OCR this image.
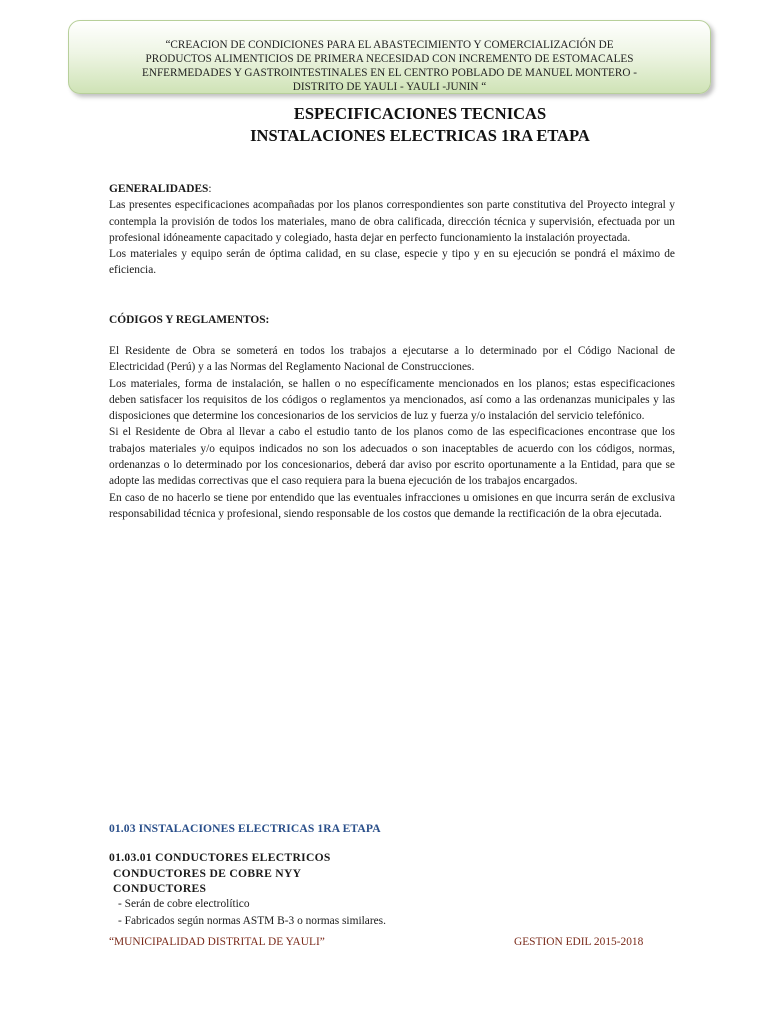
“CREACION DE CONDICIONES PARA EL ABASTECIMIENTO Y COMERCIALIZACIÓN DE
PRODUCTOS ALIMENTICIOS DE PRIMERA NECESIDAD CON INCREMENTO DE ESTOMACALES
ENFERMEDADES Y GASTROINTESTINALES EN EL CENTRO POBLADO DE MANUEL MONTERO -
DISTRITO DE YAULI - YAULI -JUNIN “
ESPECIFICACIONES TECNICAS
INSTALACIONES ELECTRICAS 1RA ETAPA
GENERALIDADES:

Las presentes especificaciones acompañadas por los planos correspondientes son parte constitutiva del Proyecto integral y contempla la provisión de todos los materiales, mano de obra calificada, dirección técnica y supervisión, efectuada por un profesional idóneamente capacitado y colegiado, hasta dejar en perfecto funcionamiento la instalación proyectada.

Los materiales y equipo serán de óptima calidad, en su clase, especie y tipo y en su ejecución se pondrá el máximo de eficiencia.

CÓDIGOS Y REGLAMENTOS:

El Residente de Obra se someterá en todos los trabajos a ejecutarse a lo determinado por el Código Nacional de Electricidad (Perú) y a las Normas del Reglamento Nacional de Construcciones.

Los materiales, forma de instalación, se hallen o no específicamente mencionados en los planos; estas especificaciones deben satisfacer los requisitos de los códigos o reglamentos ya mencionados, así como a las ordenanzas municipales y las disposiciones que determine los concesionarios de los servicios de luz y fuerza y/o instalación del servicio telefónico.

Si el Residente de Obra al llevar a cabo el estudio tanto de los planos como de las especificaciones encontrase que los trabajos materiales y/o equipos indicados no son los adecuados o son inaceptables de acuerdo con los códigos, normas, ordenanzas o lo determinado por los concesionarios, deberá dar aviso por escrito oportunamente a la Entidad, para que se adopte las medidas correctivas que el caso requiera para la buena ejecución de los trabajos encargados.

En caso de no hacerlo se tiene por entendido que las eventuales infracciones u omisiones en que incurra serán de exclusiva responsabilidad técnica y profesional, siendo responsable de los costos que demande la rectificación de la obra ejecutada.

01.03 INSTALACIONES ELECTRICAS 1RA ETAPA
01.03.01 CONDUCTORES ELECTRICOS
CONDUCTORES DE COBRE NYY
CONDUCTORES
- Serán de cobre electrolítico
- Fabricados según normas ASTM B-3 o normas similares.
“MUNICIPALIDAD DISTRITAL DE YAULI”	GESTION EDIL 2015-2018
